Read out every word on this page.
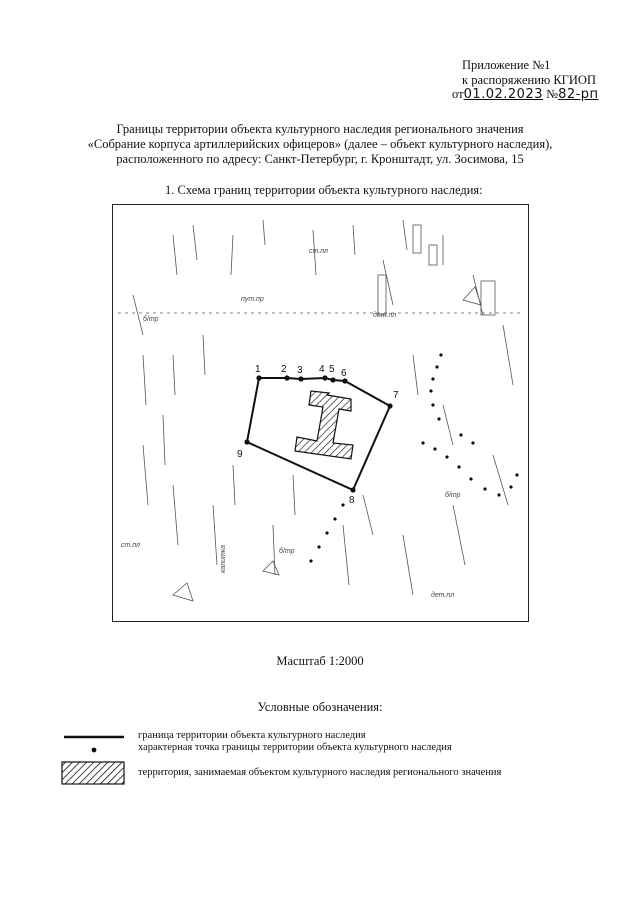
Приложение №1
к распоряжению КГИОП
от01.02.2023 №82-рп
Границы территории объекта культурного наследия регионального значения
«Собрание корпуса артиллерийских офицеров» (далее – объект культурного наследия),
расположенного по адресу: Санкт-Петербург, г. Кронштадт, ул. Зосимова, 15
1. Схема границ территории объекта культурного наследия:
1 2 3 4 5 6
7
8
9
пут.пр
ст.пл
ст.пл
дет.пл
дет.пл
калитка	б/тр
б/тр
б/тр
Масштаб 1:2000
Условные обозначения:
граница территории объекта культурного наследия
характерная точка границы территории объекта культурного наследия
территория, занимаемая объектом культурного наследия регионального значения
